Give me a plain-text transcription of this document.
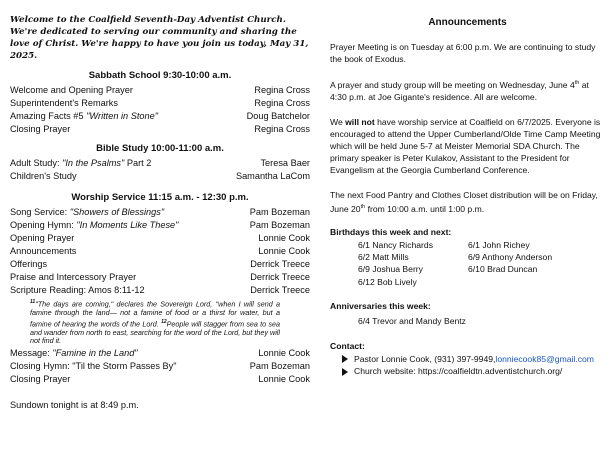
Welcome to the Coalfield Seventh-Day Adventist Church. We're dedicated to serving our community and sharing the love of Christ. We're happy to have you join us today, May 31, 2025.
Sabbath School 9:30-10:00 a.m.
Welcome and Opening Prayer	Regina Cross
Superintendent's Remarks	Regina Cross
Amazing Facts #5 "Written in Stone"	Doug Batchelor
Closing Prayer	Regina Cross
Bible Study 10:00-11:00 a.m.
Adult Study: "In the Psalms" Part 2	Teresa Baer
Children's Study	Samantha LaCom
Worship Service 11:15 a.m. - 12:30 p.m.
Song Service: "Showers of Blessings"	Pam Bozeman
Opening Hymn: "In Moments Like These"	Pam Bozeman
Opening Prayer	Lonnie Cook
Announcements	Lonnie Cook
Offerings	Derrick Treece
Praise and Intercessory Prayer	Derrick Treece
Scripture Reading: Amos 8:11-12	Derrick Treece
$^{11}$"The days are coming," declares the Sovereign Lord, "when I will send a famine through the land— not a famine of food or a thirst for water, but a famine of hearing the words of the Lord. $^{12}$People will stagger from sea to sea and wander from north to east, searching for the word of the Lord, but they will not find it.
Message: "Famine in the Land"	Lonnie Cook
Closing Hymn: "Til the Storm Passes By"	Pam Bozeman
Closing Prayer	Lonnie Cook
Sundown tonight is at 8:49 p.m.
Announcements
Prayer Meeting is on Tuesday at 6:00 p.m. We are continuing to study the book of Exodus.
A prayer and study group will be meeting on Wednesday, June 4th at 4:30 p.m. at Joe Gigante's residence. All are welcome.
We will not have worship service at Coalfield on 6/7/2025. Everyone is encouraged to attend the Upper Cumberland/Olde Time Camp Meeting which will be held June 5-7 at Meister Memorial SDA Church. The primary speaker is Peter Kulakov, Assistant to the President for Evangelism at the Georgia Cumberland Conference.
The next Food Pantry and Clothes Closet distribution will be on Friday, June 20th from 10:00 a.m. until 1:00 p.m.
Birthdays this week and next:
6/1 Nancy Richards	6/1 John Richey
6/2 Matt Mills	6/9 Anthony Anderson
6/9 Joshua Berry	6/10 Brad Duncan
6/12 Bob Lively
Anniversaries this week:
6/4 Trevor and Mandy Bentz
Contact:
Pastor Lonnie Cook, (931) 397-9949, lonniecook85@gmail.com
Church website: https://coalfieldtn.adventistchurch.org/
